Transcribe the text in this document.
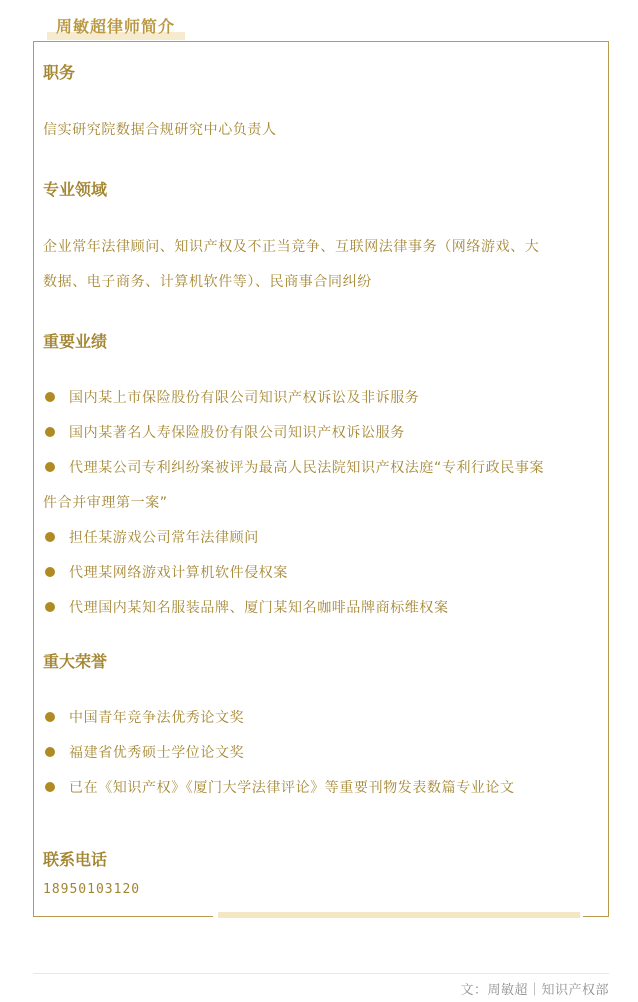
周敏超律师简介
职务
信实研究院数据合规研究中心负责人
专业领域
企业常年法律顾问、知识产权及不正当竞争、互联网法律事务（网络游戏、大
数据、电子商务、计算机软件等）、民商事合同纠纷
重要业绩
国内某上市保险股份有限公司知识产权诉讼及非诉服务
国内某著名人寿保险股份有限公司知识产权诉讼服务
代理某公司专利纠纷案被评为最高人民法院知识产权法庭“专利行政民事案
件合并审理第一案”
担任某游戏公司常年法律顾问
代理某网络游戏计算机软件侵权案
代理国内某知名服装品牌、厦门某知名咖啡品牌商标维权案
重大荣誉
中国青年竞争法优秀论文奖
福建省优秀硕士学位论文奖
已在《知识产权》《厦门大学法律评论》等重要刊物发表数篇专业论文
联系电话
18950103120
文：周敏超｜知识产权部
